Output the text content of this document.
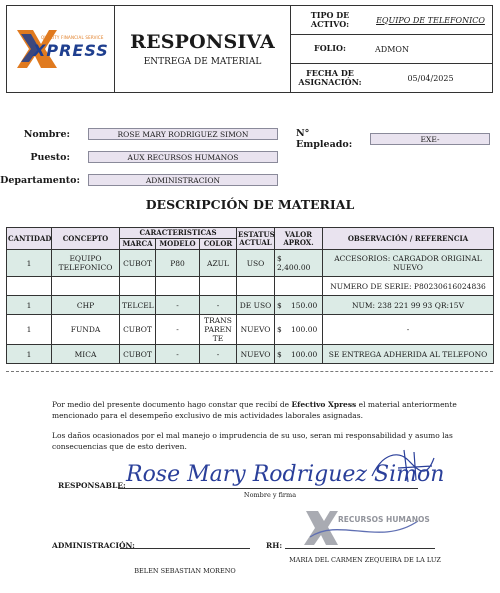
QUALITY FINANCIAL SERVICE
XPRESS RESPONSIVA
ENTREGA DE MATERIAL
TIPO DE ACTIVO:	EQUIPO DE TELEFONICO
FOLIO:	ADMON
FECHA DE ASIGNACIÓN:	05/04/2025
Nombre:	ROSE MARY RODRIGUEZ SIMON	N° Empleado:	EXE-
Puesto:	AUX RECURSOS HUMANOS
Departamento:	ADMINISTRACION
DESCRIPCIÓN DE MATERIAL
CANTIDAD	CONCEPTO	CARACTERISTICAS			ESTATUS ACTUAL	VALOR APROX.	OBSERVACIÓN / REFERENCIA
		MARCA	MODELO	COLOR			
1	EQUIPO TELEFONICO	CUBOT	P80	AZUL	USO	$2,400.00	ACCESORIOS: CARGADOR ORIGINAL NUEVO
							NUMERO DE SERIE: P80230616024836
1	CHP	TELCEL	-	-	DE USO	$ 150.00	NUM: 238 221 99 93 QR:15V
1	FUNDA	CUBOT	-	TRANSPARENTE	NUEVO	$ 100.00	-
1	MICA	CUBOT	-	-	NUEVO	$ 100.00	SE ENTREGA ADHERIDA AL TELEFONO
Por medio del presente documento hago constar que recibí de Efectivo Xpress el material anteriormente mencionado para el desempeño exclusivo de mis actividades laborales asignadas.
Los daños ocasionados por el mal manejo o imprudencia de su uso, seran mi responsabilidad y asumo las consecuencias que de esto deriven.
RESPONSABLE: Rose Mary Rodriguez Simon
Nombre y firma
ADMINISTRACIÓN:
BELEN SEBASTIAN MORENO
RH:
RECURSOS HUMANOS
MARIA DEL CARMEN ZEQUEIRA DE LA LUZ
